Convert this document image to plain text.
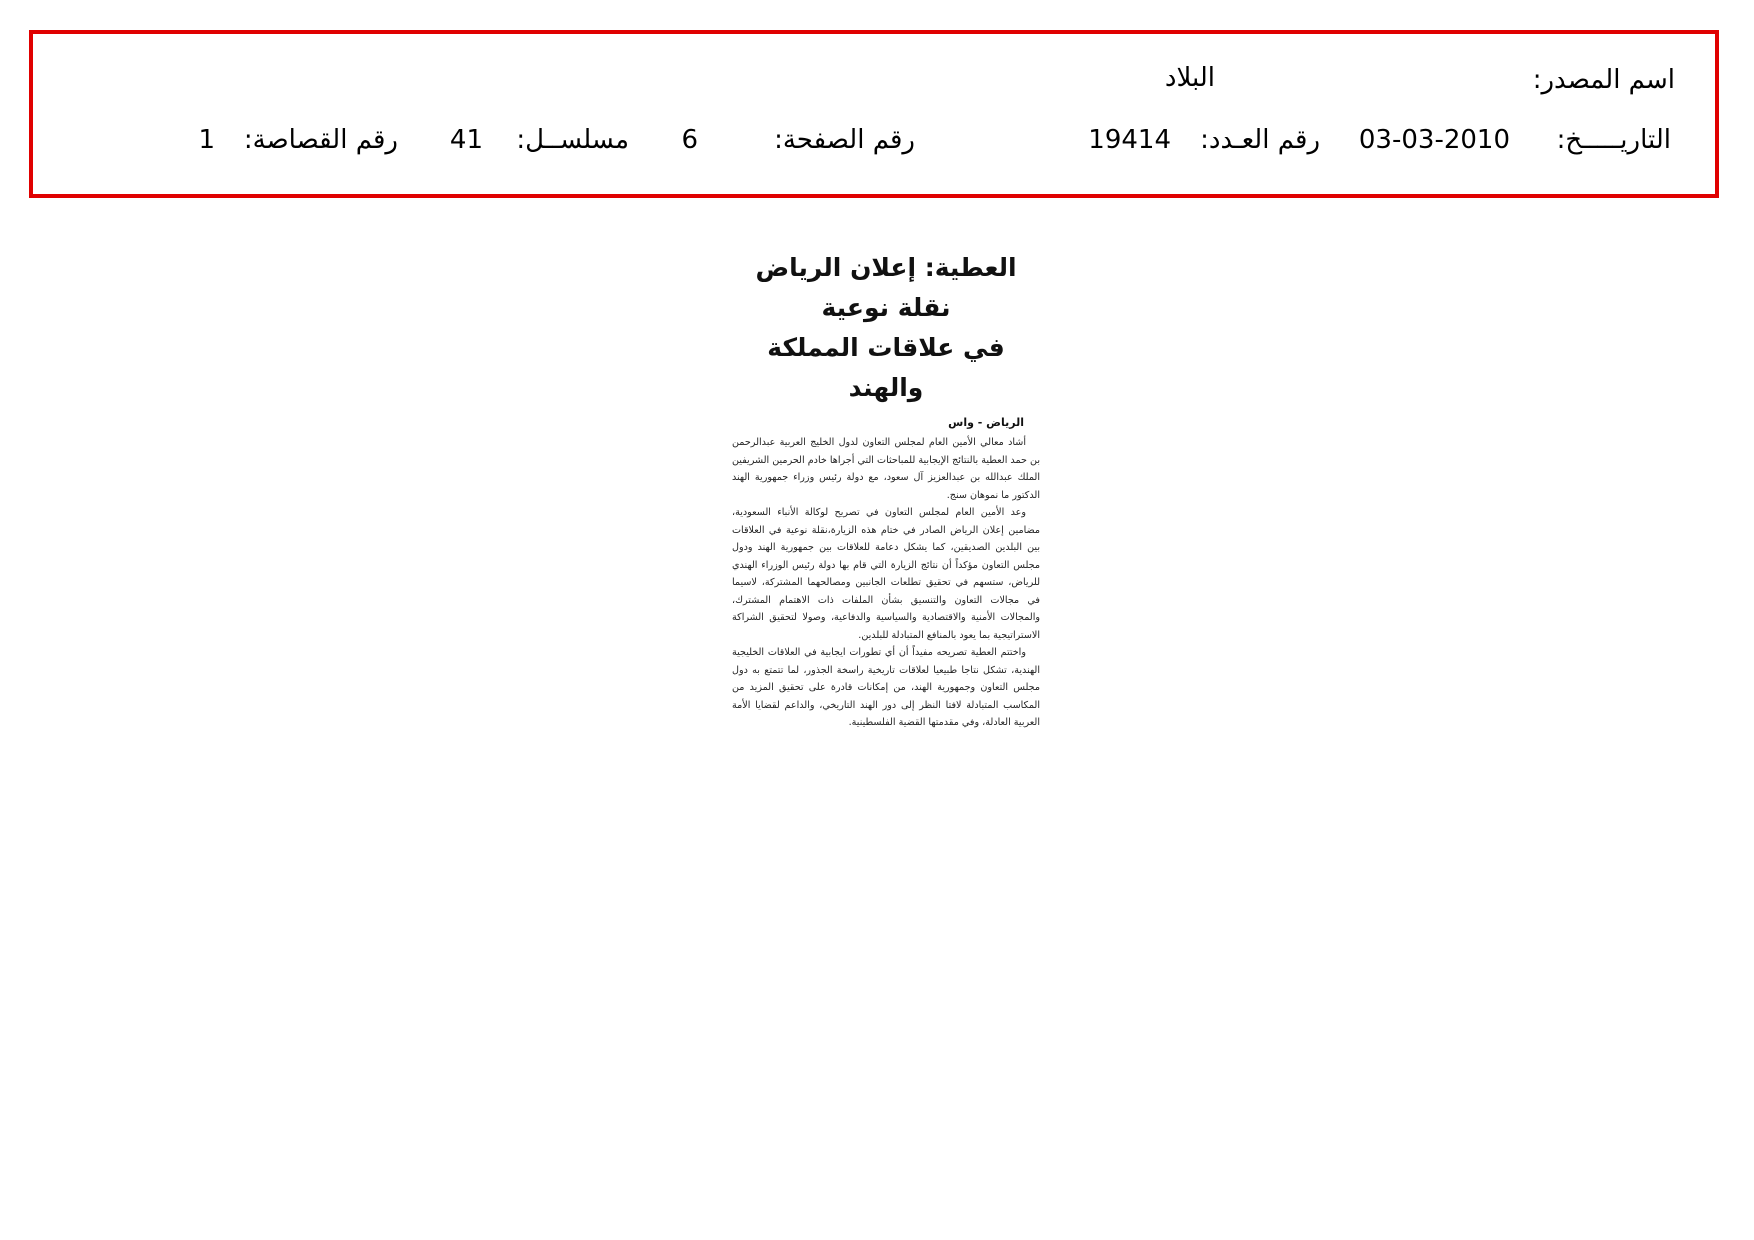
اسم المصدر:
البلاد
التاريـــــخ:
03-03-2010
رقم العـدد:
19414
رقم الصفحة:
6
مسلســل:
41
رقم القصاصة:
1

العطية: إعلان الرياض نقلة نوعية

في علاقات المملكة والهند

الرياض - واس

أشاد معالي الأمين العام لمجلس التعاون لدول الخليج العربية عبدالرحمن بن حمد العطية بالنتائج الإيجابية للمباحثات التي أجراها خادم الحرمين الشريفين الملك عبدالله بن عبدالعزيز آل سعود، مع دولة رئيس وزراء جمهورية الهند الدكتور ما نموهان سنج.

وعد الأمين العام لمجلس التعاون في تصريح لوكالة الأنباء السعودية، مضامين إعلان الرياض الصادر في ختام هذه الزيارة،نقلة نوعية في العلاقات بين البلدين الصديقين، كما يشكل دعامة للعلاقات بين جمهورية الهند ودول مجلس التعاون مؤكداً أن نتائج الزيارة التي قام بها دولة رئيس الوزراء الهندي للرياض، ستسهم في تحقيق تطلعات الجانبين ومصالحهما المشتركة، لاسيما في مجالات التعاون والتنسيق بشأن الملفات ذات الاهتمام المشترك، والمجالات الأمنية والاقتصادية والسياسية والدفاعية، وصولا لتحقيق الشراكة الاستراتيجية بما يعود بالمنافع المتبادلة للبلدين.

واختتم العطية تصريحه مفيداً أن أي تطورات ايجابية في العلاقات الخليجية الهندية، تشكل نتاجا طبيعيا لعلاقات تاريخية راسخة الجذور، لما تتمتع به دول مجلس التعاون وجمهورية الهند، من إمكانات قادرة على تحقيق المزيد من المكاسب المتبادلة لافتا النظر إلى دور الهند التاريخي، والداعم لقضايا الأمة العربية العادلة، وفي مقدمتها القضية الفلسطينية.
